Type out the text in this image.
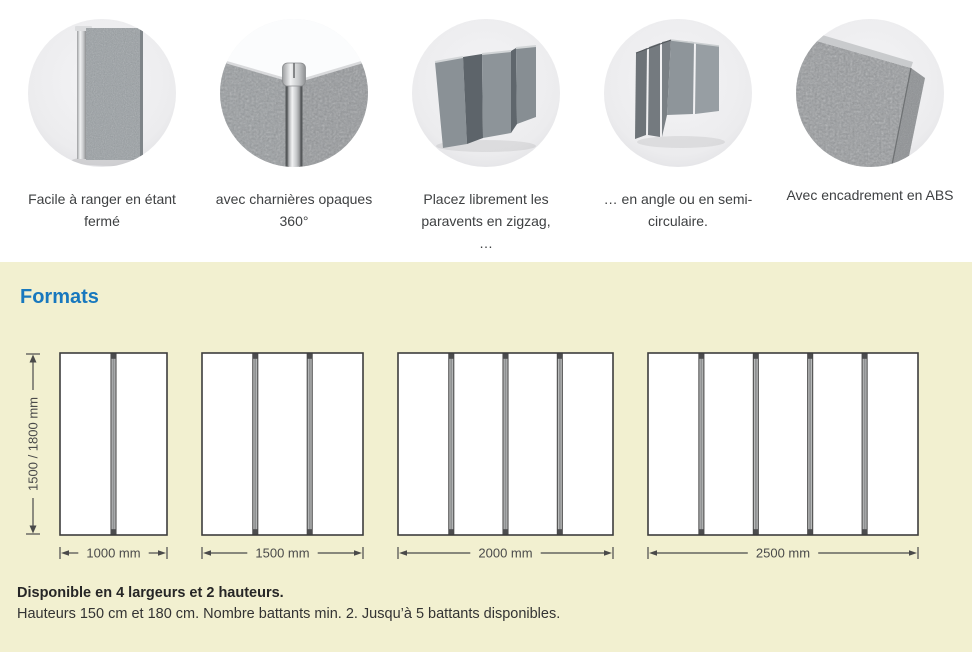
Facile à ranger en étant fermé
avec charnières opaques 360°
Placez librement les paravents en zigzag, …
… en angle ou en semi-circulaire.
Avec encadrement en ABS
Formats
1500 / 1800 mm
1000 mm	1500 mm	2000 mm	2500 mm

Disponible en 4 largeurs et 2 hauteurs.

Hauteurs 150 cm et 180 cm. Nombre battants min. 2. Jusqu’à 5 battants disponibles.
